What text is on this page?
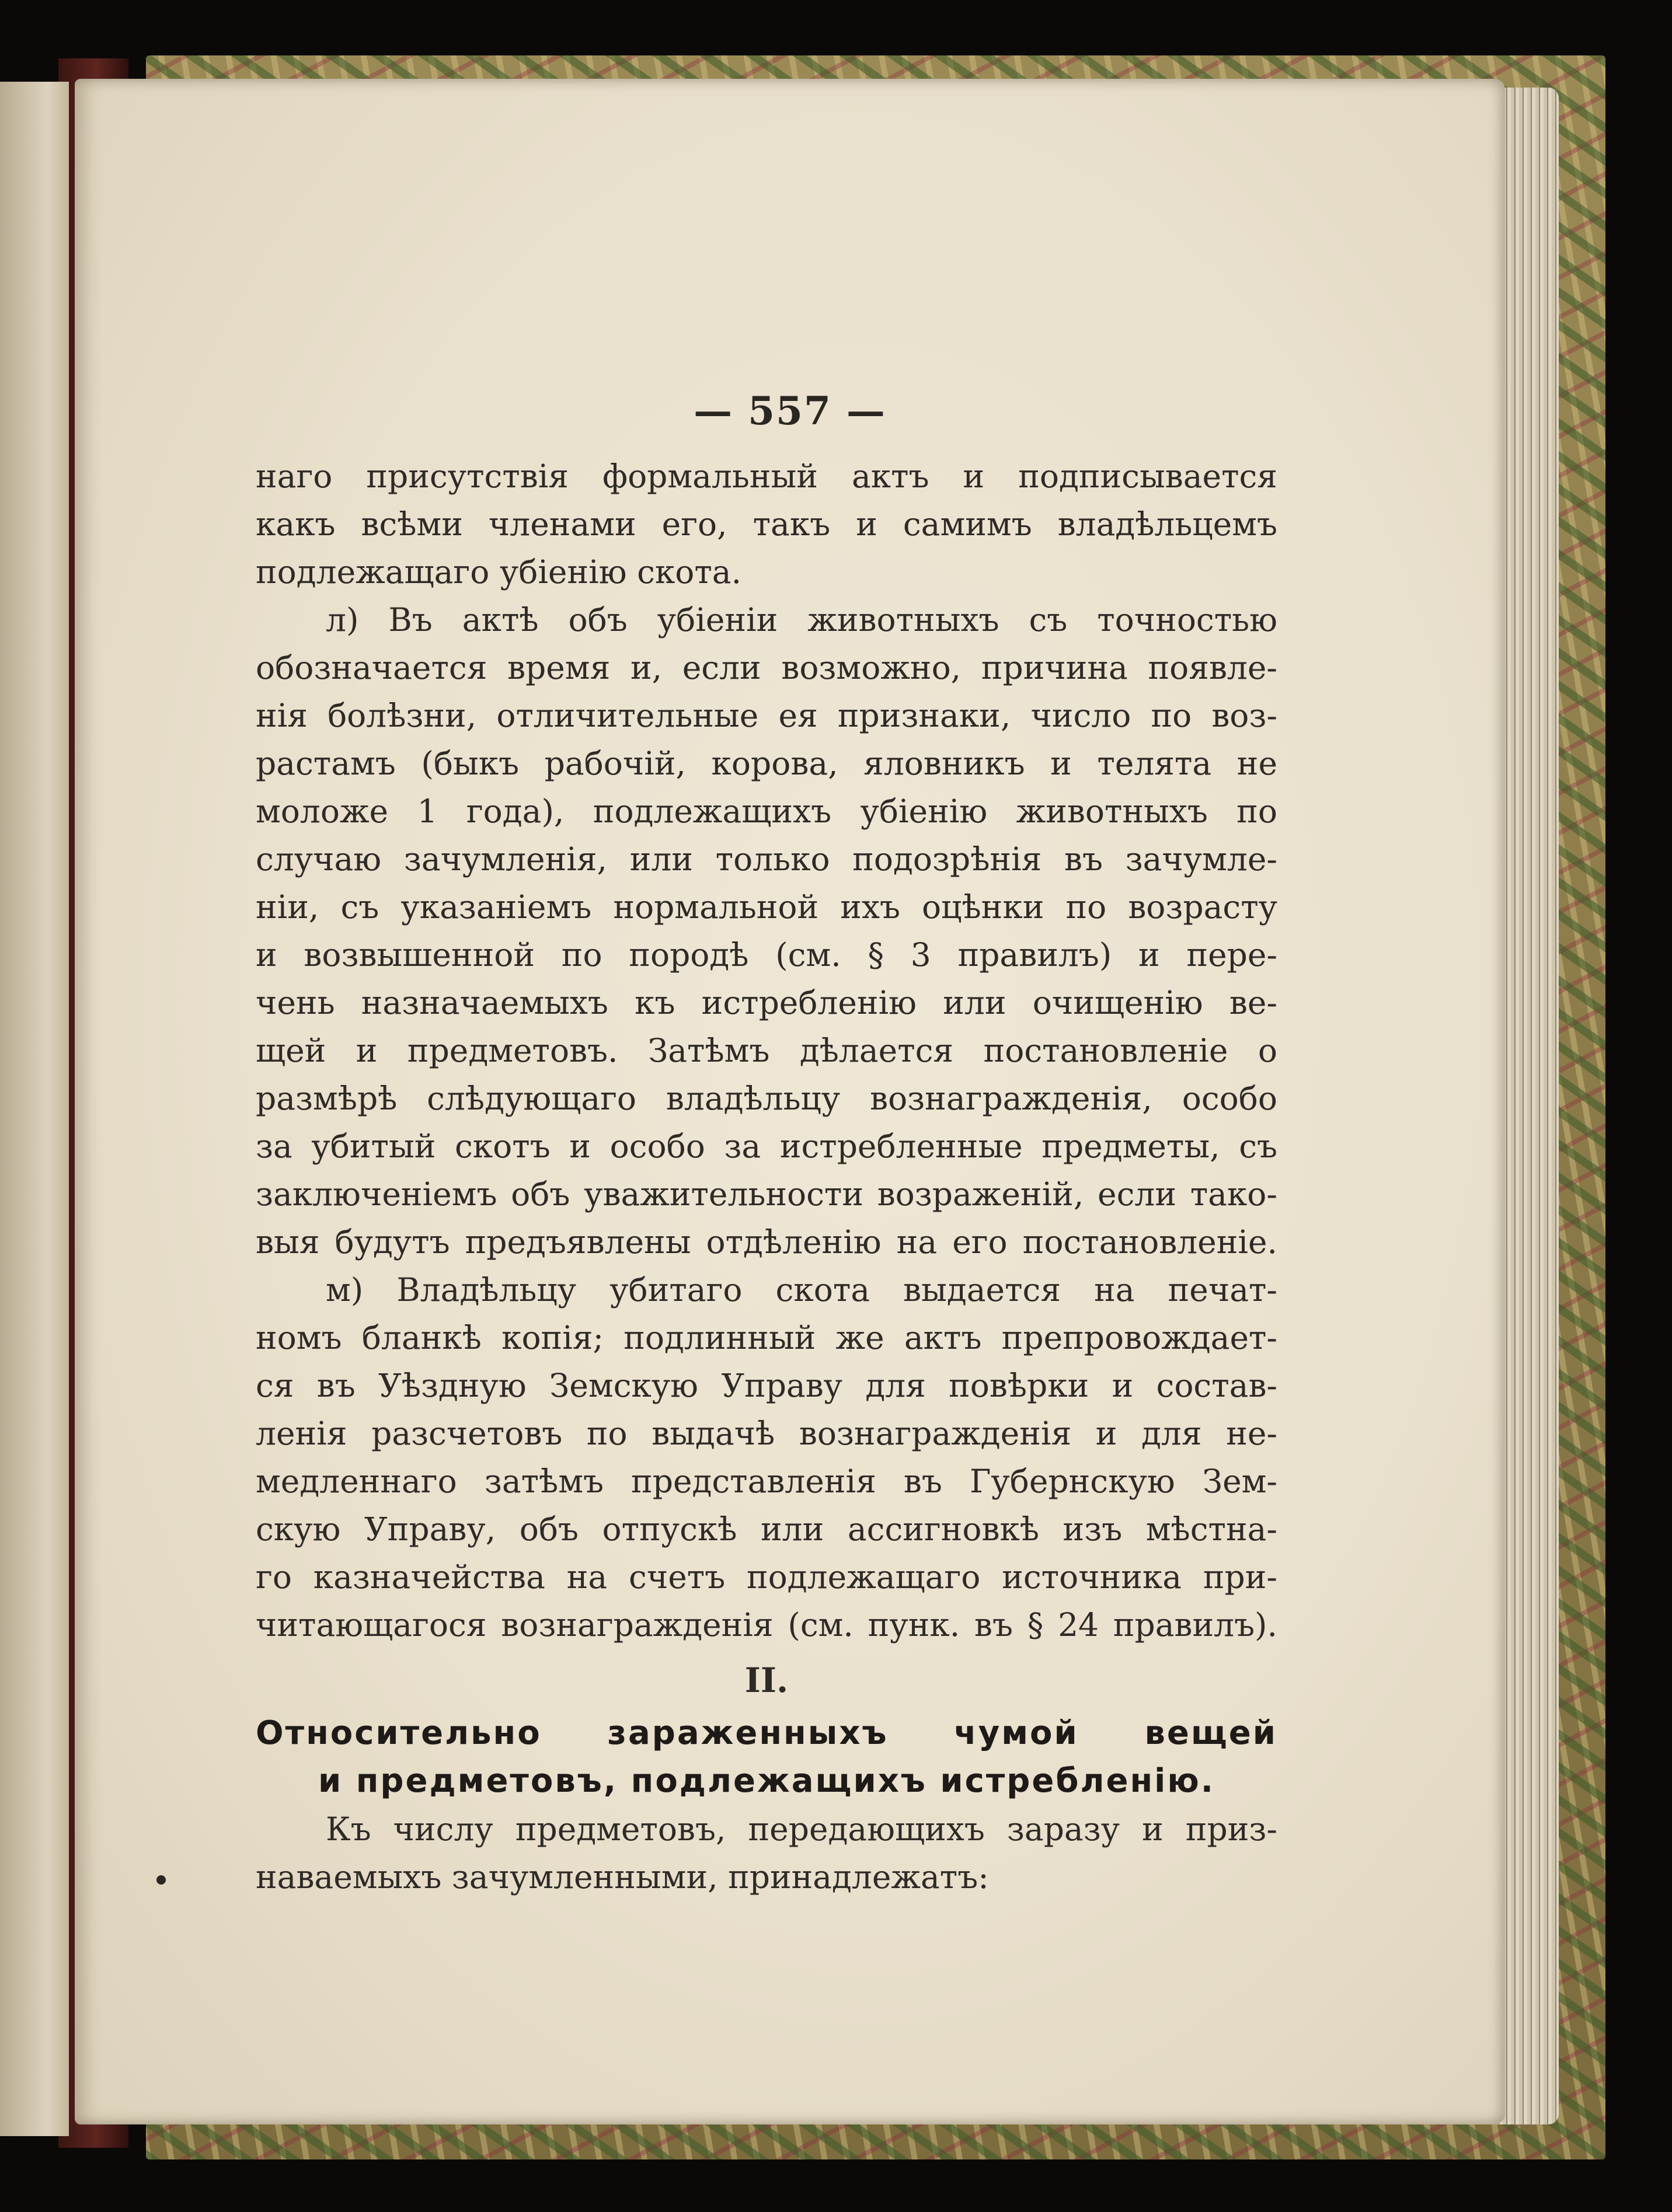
— 557 —
наго присутствія формальный актъ и подписывается
какъ всѣми членами его, такъ и самимъ владѣльцемъ
подлежащаго убіенію скота.
л) Въ актѣ объ убіеніи животныхъ съ точностью
обозначается время и, если возможно, причина появле-
нія болѣзни, отличительные ея признаки, число по воз-
растамъ (быкъ рабочій, корова, яловникъ и телята не
моложе 1 года), подлежащихъ убіенію животныхъ по
случаю зачумленія, или только подозрѣнія въ зачумле-
ніи, съ указаніемъ нормальной ихъ оцѣнки по возрасту
и возвышенной по породѣ (см. § 3 правилъ) и пере-
чень назначаемыхъ къ истребленію или очищенію ве-
щей и предметовъ. Затѣмъ дѣлается постановленіе о
размѣрѣ слѣдующаго владѣльцу вознагражденія, особо
за убитый скотъ и особо за истребленные предметы, съ
заключеніемъ объ уважительности возраженій, если тако-
выя будутъ предъявлены отдѣленію на его постановленіе.
м) Владѣльцу убитаго скота выдается на печат-
номъ бланкѣ копія; подлинный же актъ препровождает-
ся въ Уѣздную Земскую Управу для повѣрки и состав-
ленія разсчетовъ по выдачѣ вознагражденія и для не-
медленнаго затѣмъ представленія въ Губернскую Зем-
скую Управу, объ отпускѣ или ассигновкѣ изъ мѣстна-
го казначейства на счетъ подлежащаго источника при-
читающагося вознагражденія (см. пунк. въ § 24 правилъ).
II.
Относительно зараженныхъ чумой вещей
и предметовъ, подлежащихъ истребленію.
Къ числу предметовъ, передающихъ заразу и приз-
наваемыхъ зачумленными, принадлежатъ:
